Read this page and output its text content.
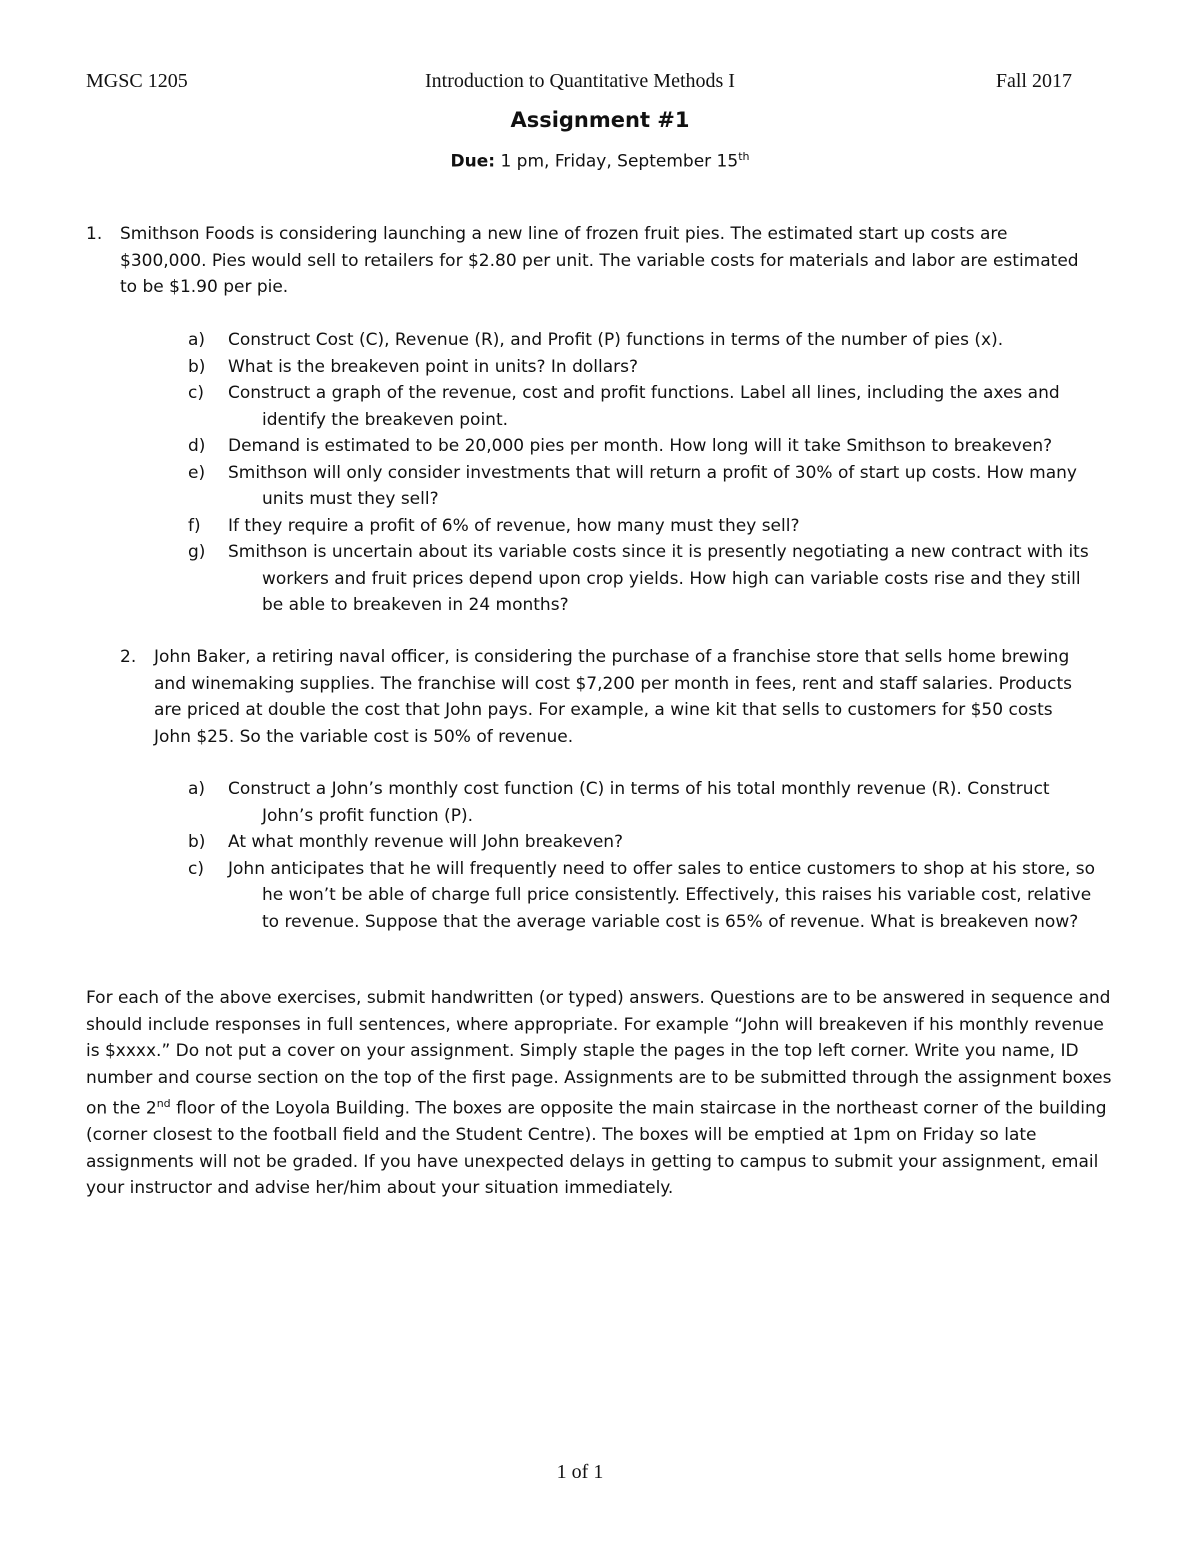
MGSC 1205	Introduction to Quantitative Methods I	Fall 2017
Assignment #1
Due: 1 pm, Friday, September 15th
1. Smithson Foods is considering launching a new line of frozen fruit pies. The estimated start up costs are
$300,000. Pies would sell to retailers for $2.80 per unit. The variable costs for materials and labor are estimated
to be $1.90 per pie.
a) Construct Cost (C), Revenue (R), and Profit (P) functions in terms of the number of pies (x).
b) What is the breakeven point in units? In dollars?
c) Construct a graph of the revenue, cost and profit functions. Label all lines, including the axes and
identify the breakeven point.
d) Demand is estimated to be 20,000 pies per month. How long will it take Smithson to breakeven?
e) Smithson will only consider investments that will return a profit of 30% of start up costs. How many
units must they sell?
f) If they require a profit of 6% of revenue, how many must they sell?
g) Smithson is uncertain about its variable costs since it is presently negotiating a new contract with its
workers and fruit prices depend upon crop yields. How high can variable costs rise and they still
be able to breakeven in 24 months?
2. John Baker, a retiring naval officer, is considering the purchase of a franchise store that sells home brewing
and winemaking supplies. The franchise will cost $7,200 per month in fees, rent and staff salaries. Products
are priced at double the cost that John pays. For example, a wine kit that sells to customers for $50 costs
John $25. So the variable cost is 50% of revenue.
a) Construct a John’s monthly cost function (C) in terms of his total monthly revenue (R). Construct
John’s profit function (P).
b) At what monthly revenue will John breakeven?
c) John anticipates that he will frequently need to offer sales to entice customers to shop at his store, so
he won’t be able of charge full price consistently. Effectively, this raises his variable cost, relative
to revenue. Suppose that the average variable cost is 65% of revenue. What is breakeven now?
For each of the above exercises, submit handwritten (or typed) answers. Questions are to be answered in sequence and should include responses in full sentences, where appropriate. For example “John will breakeven if his monthly revenue is $xxxx.” Do not put a cover on your assignment. Simply staple the pages in the top left corner. Write you name, ID number and course section on the top of the first page. Assignments are to be submitted through the assignment boxes on the 2nd floor of the Loyola Building. The boxes are opposite the main staircase in the northeast corner of the building (corner closest to the football field and the Student Centre). The boxes will be emptied at 1pm on Friday so late assignments will not be graded. If you have unexpected delays in getting to campus to submit your assignment, email your instructor and advise her/him about your situation immediately.
1 of 1
